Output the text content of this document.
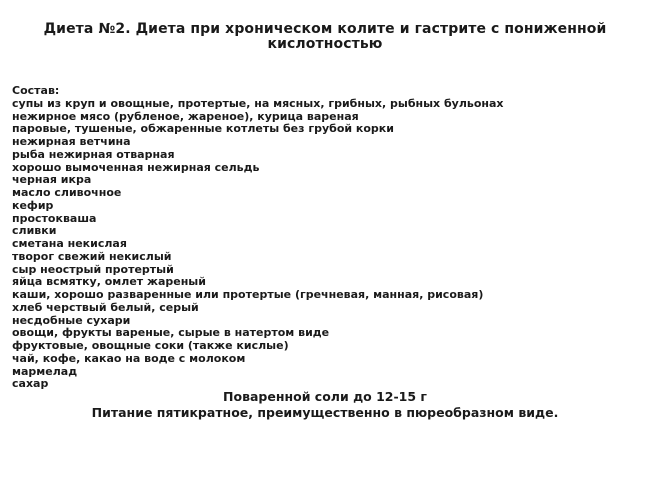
Диета №2. Диета при хроническом колите и гастрите с пониженной кислотностью
Состав:
супы из круп и овощные, протертые, на мясных, грибных, рыбных бульонах
нежирное мясо (рубленое, жареное), курица вареная
паровые, тушеные, обжаренные котлеты без грубой корки
нежирная ветчина
рыба нежирная отварная
хорошо вымоченная нежирная сельдь
черная икра
масло сливочное
кефир
простокваша
сливки
сметана некислая
творог свежий некислый
сыр неострый протертый
яйца всмятку, омлет жареный
каши, хорошо разваренные или протертые (гречневая, манная, рисовая)
хлеб черствый белый, серый
несдобные сухари
овощи, фрукты вареные, сырые в натертом виде
фруктовые, овощные соки (также кислые)
чай, кофе, какао на воде с молоком
мармелад
сахар
Поваренной соли до 12-15 г
Питание пятикратное, преимущественно в пюреобразном виде.
